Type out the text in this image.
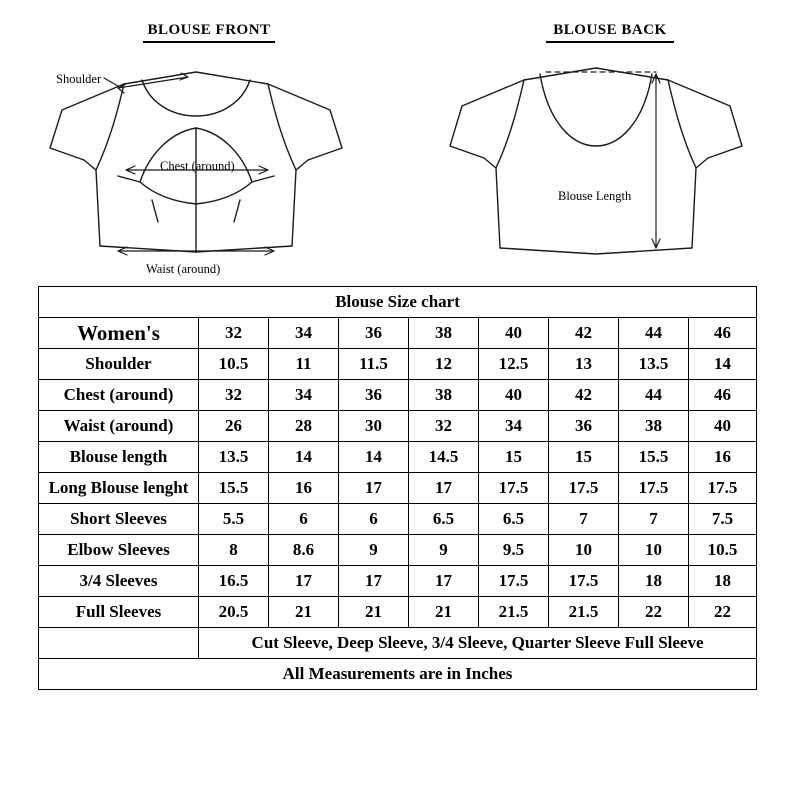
BLOUSE FRONT	BLOUSE BACK
Shoulder
Chest (around)
Waist (around)
Blouse Length
Blouse Size chart								
Women's	32	34	36	38	40	42	44	46
Shoulder	10.5	11	11.5	12	12.5	13	13.5	14
Chest (around)	32	34	36	38	40	42	44	46
Waist (around)	26	28	30	32	34	36	38	40
Blouse length	13.5	14	14	14.5	15	15	15.5	16
Long Blouse lenght	15.5	16	17	17	17.5	17.5	17.5	17.5
Short Sleeves	5.5	6	6	6.5	6.5	7	7	7.5
Elbow Sleeves	8	8.6	9	9	9.5	10	10	10.5
3/4 Sleeves	16.5	17	17	17	17.5	17.5	18	18
Full Sleeves	20.5	21	21	21	21.5	21.5	22	22
	Cut Sleeve, Deep Sleeve, 3/4 Sleeve, Quarter Sleeve Full Sleeve							
All Measurements are in Inches								
